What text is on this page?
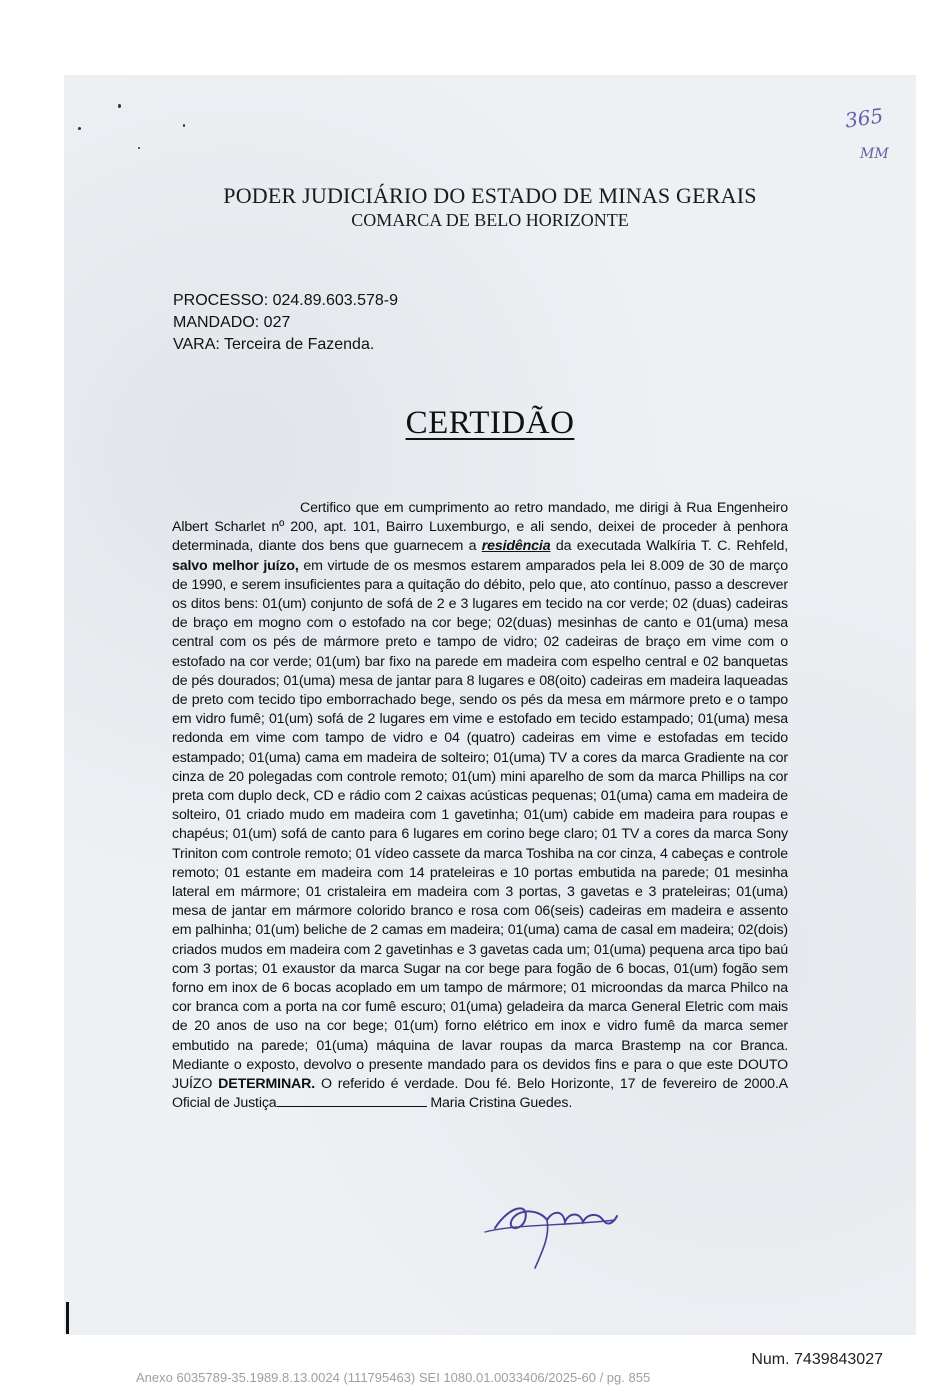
365
MM
PODER JUDICIÁRIO DO ESTADO DE MINAS GERAIS
COMARCA DE BELO HORIZONTE
PROCESSO: 024.89.603.578-9
MANDADO: 027
VARA: Terceira de Fazenda.
CERTIDÃO
Certifico que em cumprimento ao retro mandado, me dirigi à Rua Engenheiro Albert Scharlet nº 200, apt. 101, Bairro Luxemburgo, e ali sendo, deixei de proceder à penhora determinada, diante dos bens que guarnecem a residência da executada Walkíria T. C. Rehfeld, salvo melhor juízo, em virtude de os mesmos estarem amparados pela lei 8.009 de 30 de março de 1990, e serem insuficientes para a quitação do débito, pelo que, ato contínuo, passo a descrever os ditos bens: 01(um) conjunto de sofá de 2 e 3 lugares em tecido na cor verde; 02 (duas) cadeiras de braço em mogno com o estofado na cor bege; 02(duas) mesinhas de canto e 01(uma) mesa central com os pés de mármore preto e tampo de vidro; 02 cadeiras de braço em vime com o estofado na cor verde; 01(um) bar fixo na parede em madeira com espelho central e 02 banquetas de pés dourados; 01(uma) mesa de jantar para 8 lugares e 08(oito) cadeiras em madeira laqueadas de preto com tecido tipo emborrachado bege, sendo os pés da mesa em mármore preto e o tampo em vidro fumê; 01(um) sofá de 2 lugares em vime e estofado em tecido estampado; 01(uma) mesa redonda em vime com tampo de vidro e 04 (quatro) cadeiras em vime e estofadas em tecido estampado; 01(uma) cama em madeira de solteiro; 01(uma) TV a cores da marca Gradiente na cor cinza de 20 polegadas com controle remoto; 01(um) mini aparelho de som da marca Phillips na cor preta com duplo deck, CD e rádio com 2 caixas acústicas pequenas; 01(uma) cama em madeira de solteiro, 01 criado mudo em madeira com 1 gavetinha; 01(um) cabide em madeira para roupas e chapéus; 01(um) sofá de canto para 6 lugares em corino bege claro; 01 TV a cores da marca Sony Triniton com controle remoto; 01 vídeo cassete da marca Toshiba na cor cinza, 4 cabeças e controle remoto; 01 estante em madeira com 14 prateleiras e 10 portas embutida na parede; 01 mesinha lateral em mármore; 01 cristaleira em madeira com 3 portas, 3 gavetas e 3 prateleiras; 01(uma) mesa de jantar em mármore colorido branco e rosa com 06(seis) cadeiras em madeira e assento em palhinha; 01(um) beliche de 2 camas em madeira; 01(uma) cama de casal em madeira; 02(dois) criados mudos em madeira com 2 gavetinhas e 3 gavetas cada um; 01(uma) pequena arca tipo baú com 3 portas; 01 exaustor da marca Sugar na cor bege para fogão de 6 bocas, 01(um) fogão sem forno em inox de 6 bocas acoplado em um tampo de mármore; 01 microondas da marca Philco na cor branca com a porta na cor fumê escuro; 01(uma) geladeira da marca General Eletric com mais de 20 anos de uso na cor bege; 01(um) forno elétrico em inox e vidro fumê da marca semer embutido na parede; 01(uma) máquina de lavar roupas da marca Brastemp na cor Branca. Mediante o exposto, devolvo o presente mandado para os devidos fins e para o que este DOUTO JUÍZO DETERMINAR. O referido é verdade. Dou fé. Belo Horizonte, 17 de fevereiro de 2000.A Oficial de Justiça	Maria Cristina Guedes.
Num. 7439843027
Anexo 6035789-35.1989.8.13.0024 (111795463) SEI 1080.01.0033406/2025-60 / pg. 855
